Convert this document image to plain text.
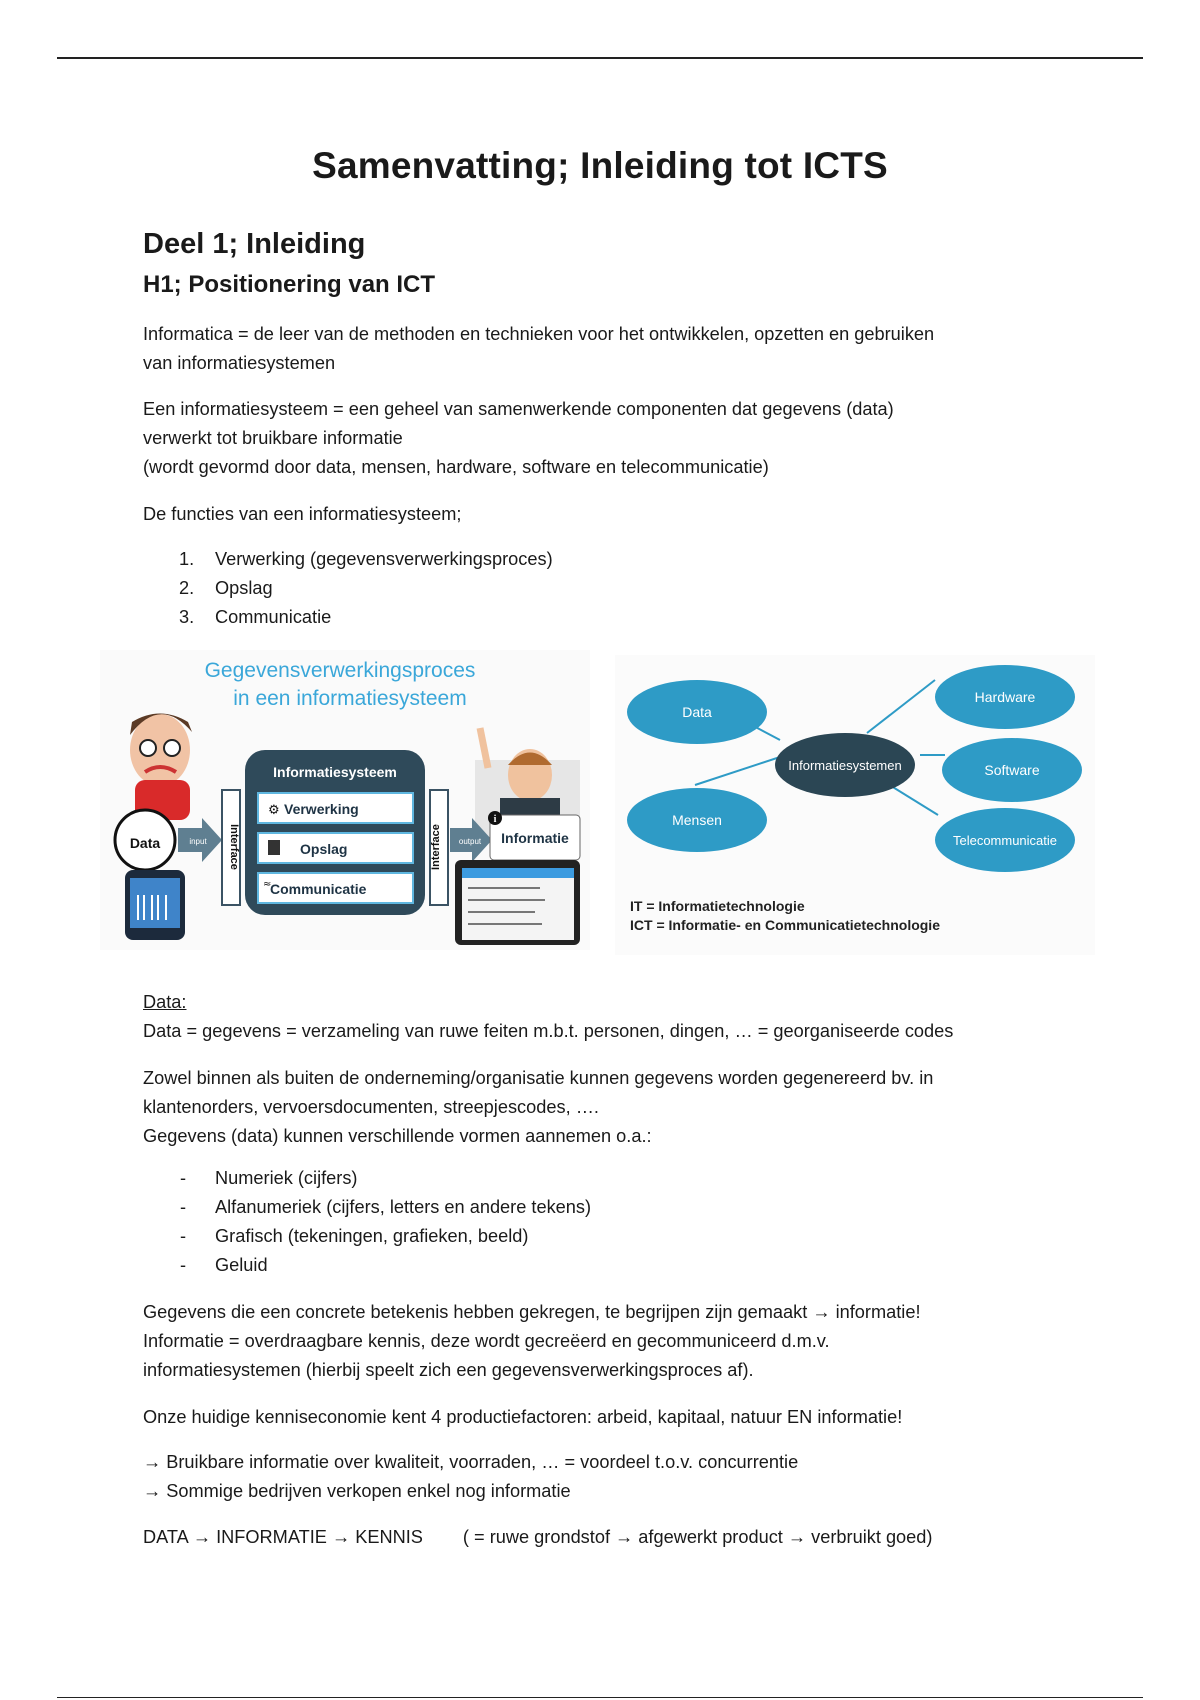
Samenvatting; Inleiding tot ICTS
Deel 1; Inleiding
H1; Positionering van ICT

Informatica = de leer van de methoden en technieken voor het ontwikkelen, opzetten en gebruiken

van informatiesystemen

Een informatiesysteem = een geheel van samenwerkende componenten dat gegevens (data)

verwerkt tot bruikbare informatie

(wordt gevormd door data, mensen, hardware, software en telecommunicatie)

De functies van een informatiesysteem;

1. Verwerking (gegevensverwerkingsproces)
2. Opslag
3. Communicatie
Gegevensverwerkingsproces
in een informatiesysteem
Data	input Interface
Informatiesysteem
⚙ Verwerking
Opslag
≈
Communicatie
Interface output
i
Informatie
Data
Mensen
Informatiesystemen
Hardware
Software
Telecommunicatie
IT = Informatietechnologie
ICT = Informatie- en Communicatietechnologie

Data:

Data = gegevens = verzameling van ruwe feiten m.b.t. personen, dingen, … = georganiseerde codes

Zowel binnen als buiten de onderneming/organisatie kunnen gegevens worden gegenereerd bv. in

klantenorders, vervoersdocumenten, streepjescodes, ….

Gegevens (data) kunnen verschillende vormen aannemen o.a.:

- Numeriek (cijfers)
- Alfanumeriek (cijfers, letters en andere tekens)
- Grafisch (tekeningen, grafieken, beeld)
- Geluid

Gegevens die een concrete betekenis hebben gekregen, te begrijpen zijn gemaakt → informatie!

Informatie = overdraagbare kennis, deze wordt gecreëerd en gecommuniceerd d.m.v.

informatiesystemen (hierbij speelt zich een gegevensverwerkingsproces af).

Onze huidige kenniseconomie kent 4 productiefactoren: arbeid, kapitaal, natuur EN informatie!

→ Bruikbare informatie over kwaliteit, voorraden, … = voordeel t.o.v. concurrentie

→ Sommige bedrijven verkopen enkel nog informatie

DATA → INFORMATIE → KENNIS ( = ruwe grondstof → afgewerkt product → verbruikt goed)
